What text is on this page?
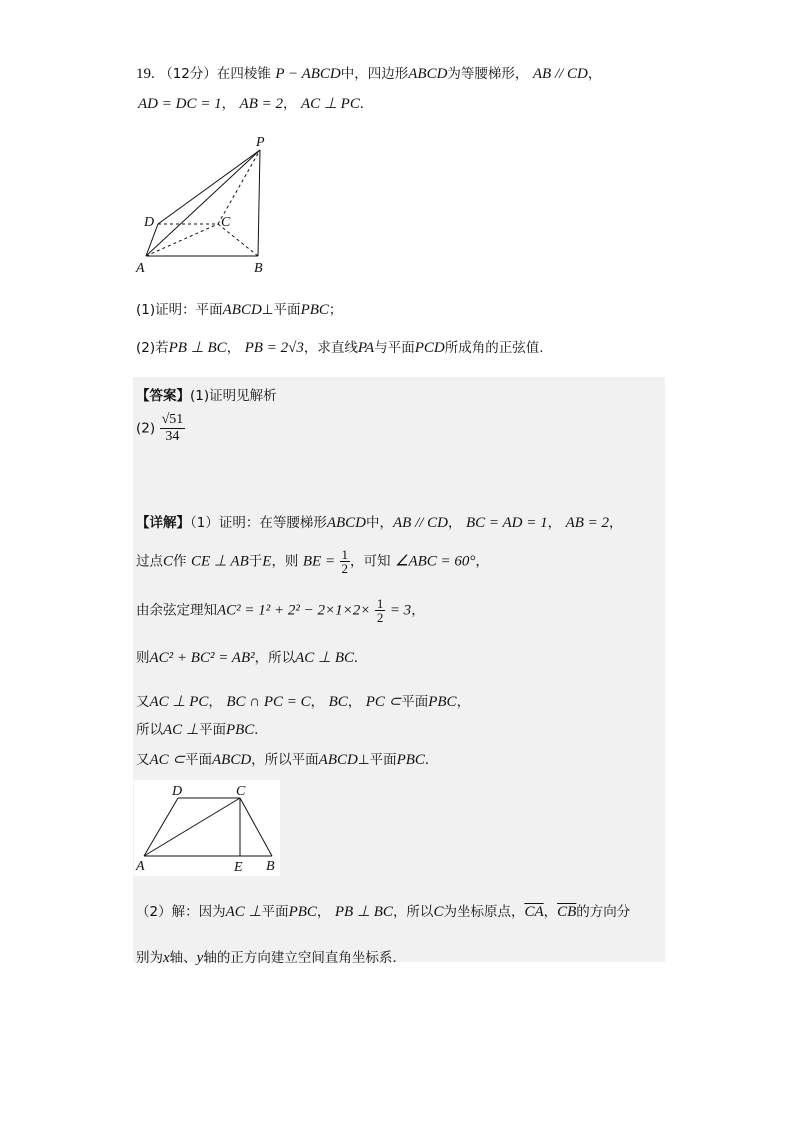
19. （12分）在四棱锥 P − ABCD中，四边形ABCD为等腰梯形， AB // CD，
AD = DC = 1， AB = 2， AC ⊥ PC.
P
D	C
A	B
(1)证明：平面ABCD⊥平面PBC；
(2)若PB ⊥ BC， PB = 2√3，求直线PA与平面PCD所成角的正弦值.
【答案】(1)证明见解析
$(2) \frac{√51}{34}$
【详解】（1）证明：在等腰梯形ABCD中，AB // CD， BC = AD = 1， AB = 2，
过点C作 CE ⊥ AB于E，则 BE = $\frac{1}{2}$ ，可知 ∠ABC = 60°，
由余弦定理知$AC^2 = 1^2 + 2^2 - 2\times 1\times 2\times \frac{1}{2} = 3$，
则AC² + BC² = AB²，所以AC ⊥ BC.
又AC ⊥ PC， BC ∩ PC = C， BC， PC ⊂平面PBC，
所以AC ⊥平面PBC.
又AC ⊂平面ABCD，所以平面ABCD⊥平面PBC.
D	C
A	E B
（2）解：因为AC ⊥平面PBC， PB ⊥ BC，所以C为坐标原点，$\overline{CA}$，$\overline{CB}$的方向分
别为x轴、y轴的正方向建立空间直角坐标系.
